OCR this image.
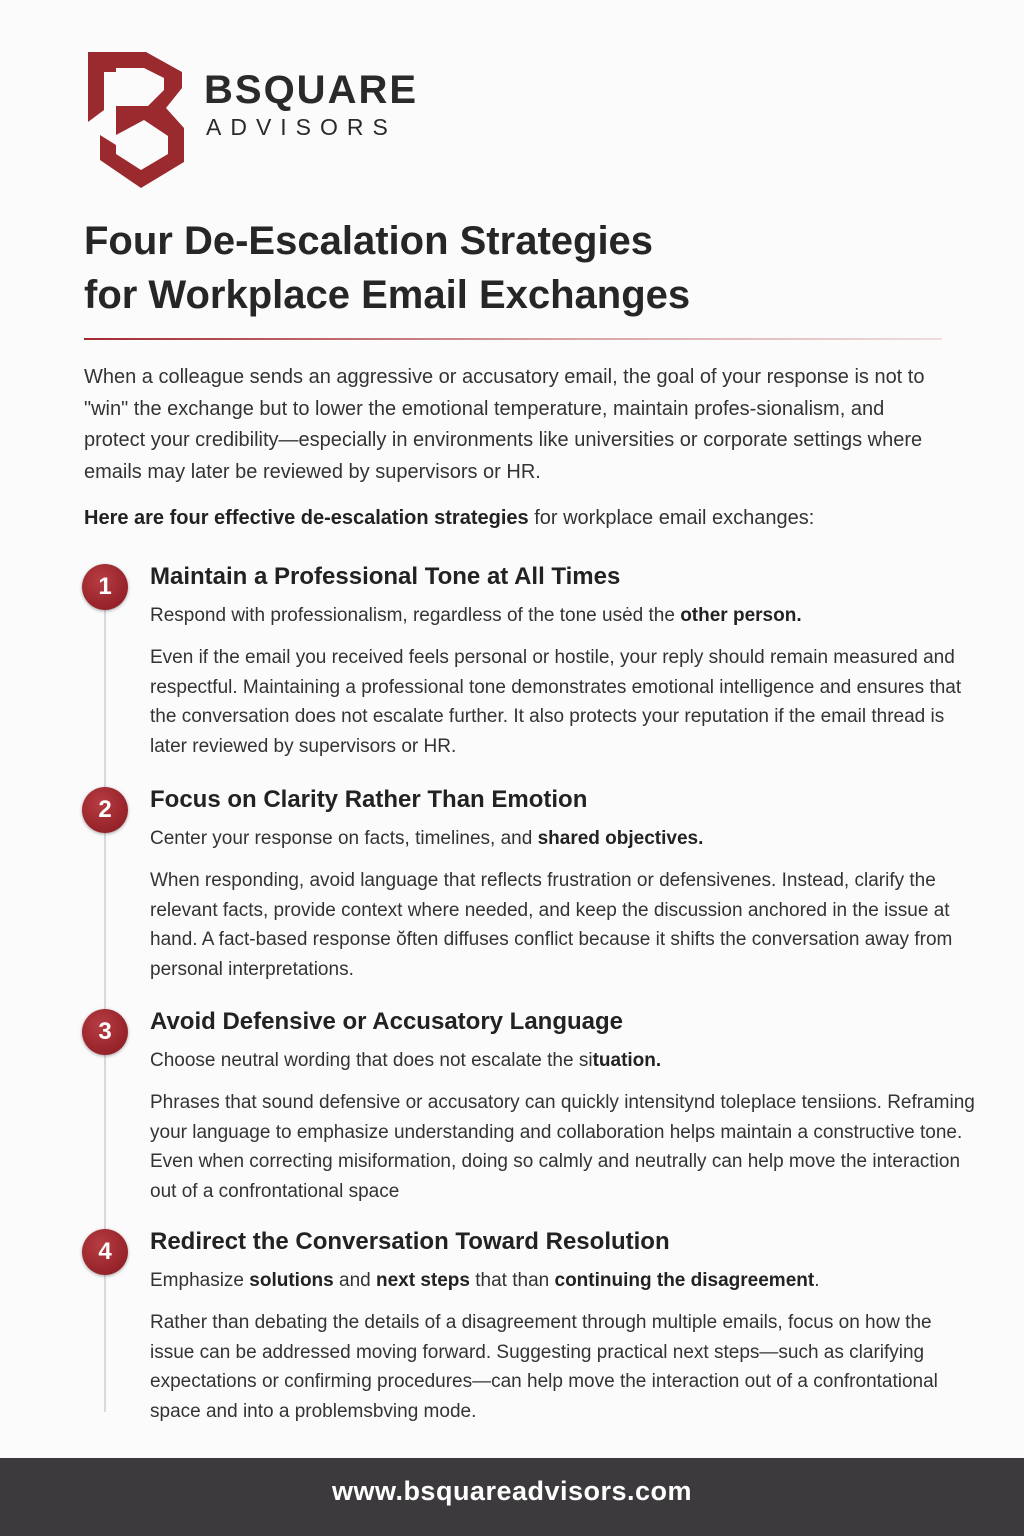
BSQUARE
ADVISORS
Four De-Escalation Strategies
for Workplace Email Exchanges

When a colleague sends an aggressive or accusatory email, the goal of your response is not to "win" the exchange but to lower the emotional temperature, maintain profes-sionalism, and protect your credibility—especially in environments like universities or corporate settings where emails may later be reviewed by supervisors or HR.

Here are four effective de-escalation strategies for workplace email exchanges:

1	Maintain a Professional Tone at All Times

Respond with professionalism, regardless of the tone usėd the other person.

Even if the email you received feels personal or hostile, your reply should remain measured and respectful. Maintaining a professional tone demonstrates emotional intelligence and ensures that the conversation does not escalate further. It also protects your reputation if the email thread is later reviewed by supervisors or HR.

2	Focus on Clarity Rather Than Emotion

Center your response on facts, timelines, and shared objectives.

When responding, avoid language that reflects frustration or defensivenes. Instead, clarify the relevant facts, provide context where needed, and keep the discussion anchored in the issue at hand. A fact-based response ŏften diffuses conflict because it shifts the conversation away from personal interpretations.

3	Avoid Defensive or Accusatory Language

Choose neutral wording that does not escalate the situation.

Phrases that sound defensive or accusatory can quickly intensitynd toleplace tensiions. Reframing your language to emphasize understanding and collaboration helps maintain a constructive tone. Even when correcting misiformation, doing so calmly and neutrally can help move the interaction out of a confrontational space

4	Redirect the Conversation Toward Resolution

Emphasize solutions and next steps that than continuing the disagreement.

Rather than debating the details of a disagreement through multiple emails, focus on how the issue can be addressed moving forward. Suggesting practical next steps—such as clarifying expectations or confirming procedures—can help move the interaction out of a confrontational space and into a problemsbving mode.

www.bsquareadvisors.com
